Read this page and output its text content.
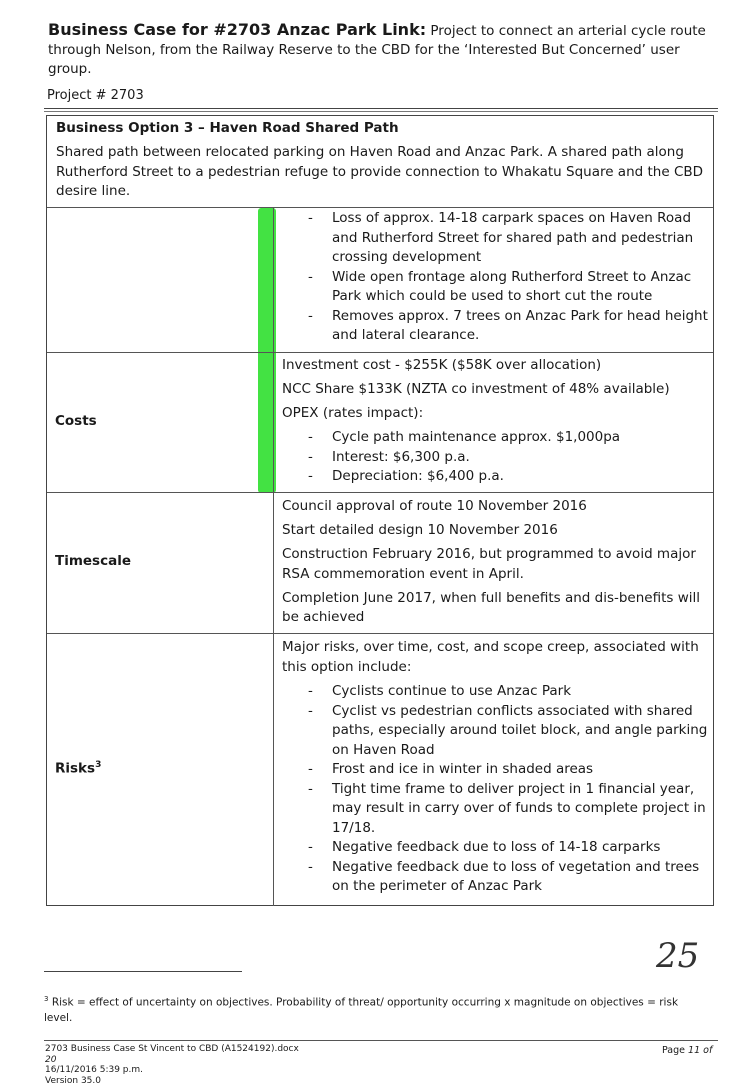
Business Case for #2703 Anzac Park Link: Project to connect an arterial cycle route through Nelson, from the Railway Reserve to the CBD for the ‘Interested But Concerned’ user group.
Project # 2703
Business Option 3 – Haven Road Shared Path
Shared path between relocated parking on Haven Road and Anzac Park. A shared path along Rutherford Street to a pedestrian refuge to provide connection to Whakatu Square and the CBD desire line.
- Loss of approx. 14-18 carpark spaces on Haven Road and Rutherford Street for shared path and pedestrian crossing development
- Wide open frontage along Rutherford Street to Anzac Park which could be used to short cut the route
- Removes approx. 7 trees on Anzac Park for head height and lateral clearance.
Costs

Investment cost - $255K ($58K over allocation)

NCC Share $133K (NZTA co investment of 48% available)

OPEX (rates impact):

- Cycle path maintenance approx. $1,000pa
- Interest: $6,300 p.a.
- Depreciation: $6,400 p.a.
Timescale

Council approval of route 10 November 2016

Start detailed design 10 November 2016

Construction February 2016, but programmed to avoid major RSA commemoration event in April.

Completion June 2017, when full benefits and dis-benefits will be achieved

Risks$^3$

Major risks, over time, cost, and scope creep, associated with this option include:

- Cyclists continue to use Anzac Park
- Cyclist vs pedestrian conflicts associated with shared paths, especially around toilet block, and angle parking on Haven Road
- Frost and ice in winter in shaded areas
- Tight time frame to deliver project in 1 financial year, may result in carry over of funds to complete project in 17/18.
- Negative feedback due to loss of 14-18 carparks
- Negative feedback due to loss of vegetation and trees on the perimeter of Anzac Park
25
$^3$ Risk = effect of uncertainty on objectives. Probability of threat/ opportunity occurring x magnitude on objectives = risk level.
2703 Business Case St Vincent to CBD (A1524192).docx
20
16/11/2016 5:39 p.m.
Version 35.0
Page 11 of
